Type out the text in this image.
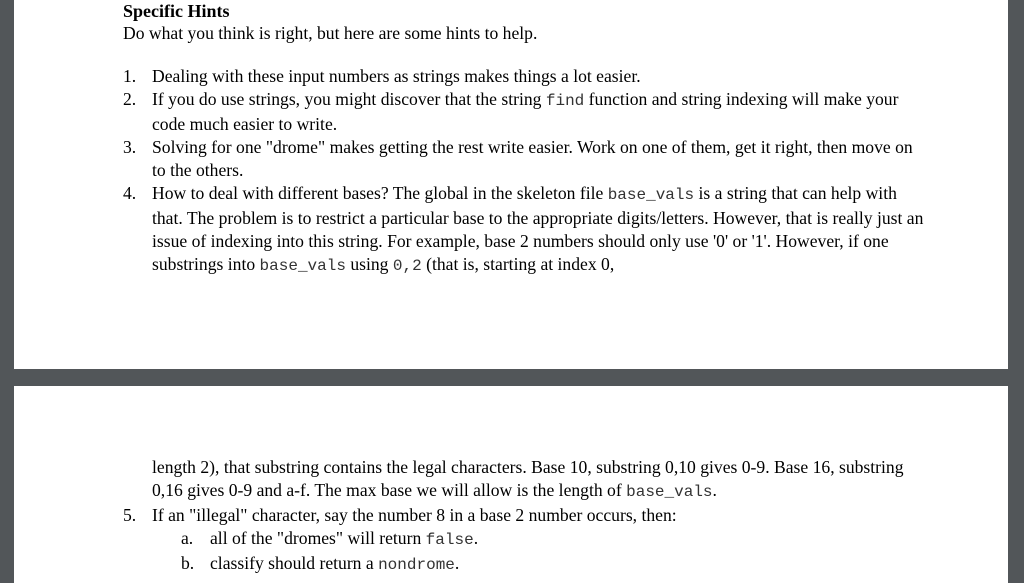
Specific Hints

Do what you think is right, but here are some hints to help.

1. Dealing with these input numbers as strings makes things a lot easier.
2. If you do use strings, you might discover that the string find function and string indexing will make your code much easier to write.
3. Solving for one "drome" makes getting the rest write easier. Work on one of them, get it right, then move on to the others.
4. How to deal with different bases? The global in the skeleton file base_vals is a string that can help with that. The problem is to restrict a particular base to the appropriate digits/letters. However, that is really just an issue of indexing into this string. For example, base 2 numbers should only use '0' or '1'. However, if one substrings into base_vals using 0,2 (that is, starting at index 0,
length 2), that substring contains the legal characters. Base 10, substring 0,10 gives 0-9. Base 16, substring 0,16 gives 0-9 and a-f. The max base we will allow is the length of base_vals.
5. If an "illegal" character, say the number 8 in a base 2 number occurs, then:
a. all of the "dromes" will return false.
b. classify should return a nondrome.
